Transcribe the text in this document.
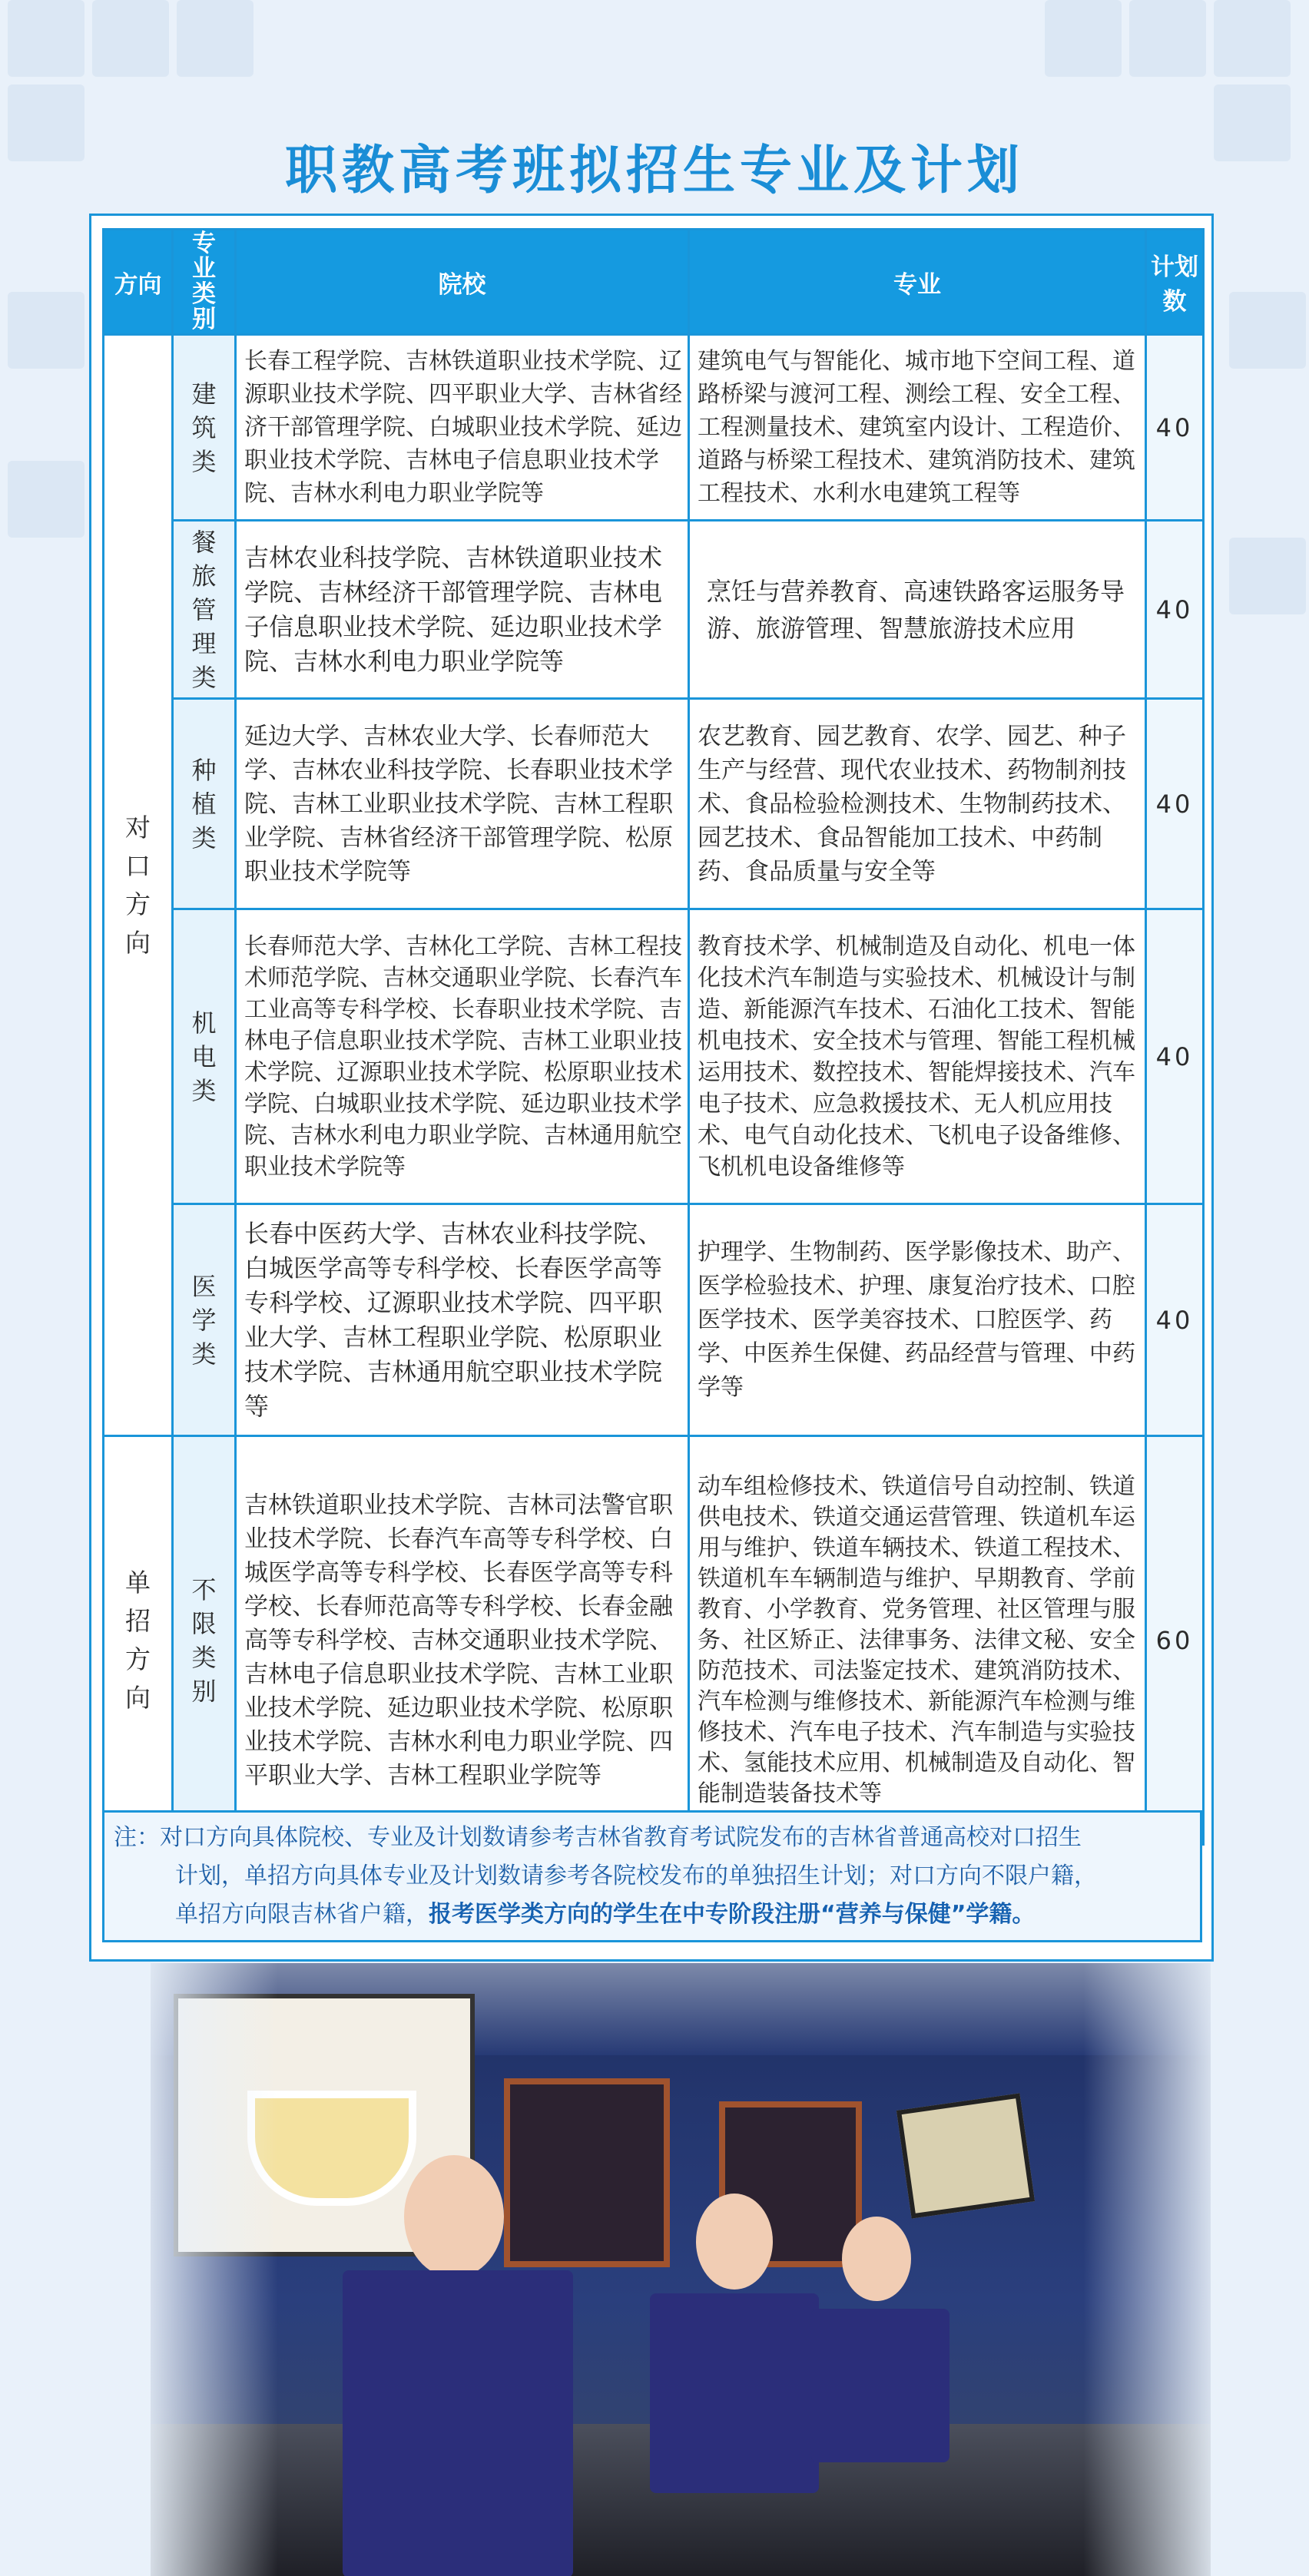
职教高考班拟招生专业及计划
方向	专业类别	院校	专业	计划数
对口方向	建筑类	长春工程学院、吉林铁道职业技术学院、辽源职业技术学院、四平职业大学、吉林省经济干部管理学院、白城职业技术学院、延边职业技术学院、吉林电子信息职业技术学院、吉林水利电力职业学院等	建筑电气与智能化、城市地下空间工程、道路桥梁与渡河工程、测绘工程、安全工程、工程测量技术、建筑室内设计、工程造价、道路与桥梁工程技术、建筑消防技术、建筑工程技术、水利水电建筑工程等	40
	餐旅管理类	吉林农业科技学院、吉林铁道职业技术学院、吉林经济干部管理学院、吉林电子信息职业技术学院、延边职业技术学院、吉林水利电力职业学院等	烹饪与营养教育、高速铁路客运服务导游、旅游管理、智慧旅游技术应用	40
	种植类	延边大学、吉林农业大学、长春师范大学、吉林农业科技学院、长春职业技术学院、吉林工业职业技术学院、吉林工程职业学院、吉林省经济干部管理学院、松原职业技术学院等	农艺教育、园艺教育、农学、园艺、种子生产与经营、现代农业技术、药物制剂技术、食品检验检测技术、生物制药技术、园艺技术、食品智能加工技术、中药制药、食品质量与安全等	40
	机电类	长春师范大学、吉林化工学院、吉林工程技术师范学院、吉林交通职业学院、长春汽车工业高等专科学校、长春职业技术学院、吉林电子信息职业技术学院、吉林工业职业技术学院、辽源职业技术学院、松原职业技术学院、白城职业技术学院、延边职业技术学院、吉林水利电力职业学院、吉林通用航空职业技术学院等	教育技术学、机械制造及自动化、机电一体化技术汽车制造与实验技术、机械设计与制造、新能源汽车技术、石油化工技术、智能机电技术、安全技术与管理、智能工程机械运用技术、数控技术、智能焊接技术、汽车电子技术、应急救援技术、无人机应用技术、电气自动化技术、飞机电子设备维修、飞机机电设备维修等	40
	医学类	长春中医药大学、吉林农业科技学院、白城医学高等专科学校、长春医学高等专科学校、辽源职业技术学院、四平职业大学、吉林工程职业学院、松原职业技术学院、吉林通用航空职业技术学院等	护理学、生物制药、医学影像技术、助产、医学检验技术、护理、康复治疗技术、口腔医学技术、医学美容技术、口腔医学、药学、中医养生保健、药品经营与管理、中药学等	40
单招方向	不限类别	吉林铁道职业技术学院、吉林司法警官职业技术学院、长春汽车高等专科学校、白城医学高等专科学校、长春医学高等专科学校、长春师范高等专科学校、长春金融高等专科学校、吉林交通职业技术学院、吉林电子信息职业技术学院、吉林工业职业技术学院、延边职业技术学院、松原职业技术学院、吉林水利电力职业学院、四平职业大学、吉林工程职业学院等	动车组检修技术、铁道信号自动控制、铁道供电技术、铁道交通运营管理、铁道机车运用与维护、铁道车辆技术、铁道工程技术、铁道机车车辆制造与维护、早期教育、学前教育、小学教育、党务管理、社区管理与服务、社区矫正、法律事务、法律文秘、安全防范技术、司法鉴定技术、建筑消防技术、汽车检测与维修技术、新能源汽车检测与维修技术、汽车电子技术、汽车制造与实验技术、氢能技术应用、机械制造及自动化、智能制造装备技术等	60
注：对口方向具体院校、专业及计划数请参考吉林省教育考试院发布的吉林省普通高校对口招生
计划，单招方向具体专业及计划数请参考各院校发布的单独招生计划；对口方向不限户籍，
单招方向限吉林省户籍，报考医学类方向的学生在中专阶段注册“营养与保健”学籍。
